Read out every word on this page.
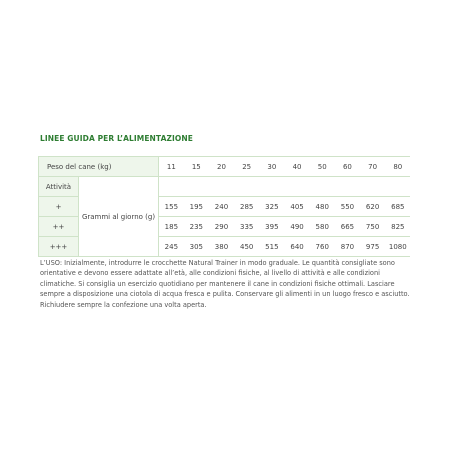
LINEE GUIDA PER L’ALIMENTAZIONE
Peso del cane (kg)		11	15	20	25	30	40	50	60	70	80
Attività	Grammi al giorno (g)										
+		155	195	240	285	325	405	480	550	620	685
++		185	235	290	335	395	490	580	665	750	825
+++		245	305	380	450	515	640	760	870	975	1080
L’USO: Inizialmente, introdurre le crocchette Natural Trainer in modo graduale. Le quantità consigliate sono orientative e devono essere adattate all’età, alle condizioni fisiche, al livello di attività e alle condizioni climatiche. Si consiglia un esercizio quotidiano per mantenere il cane in condizioni fisiche ottimali. Lasciare sempre a disposizione una ciotola di acqua fresca e pulita. Conservare gli alimenti in un luogo fresco e asciutto. Richiudere sempre la confezione una volta aperta.
